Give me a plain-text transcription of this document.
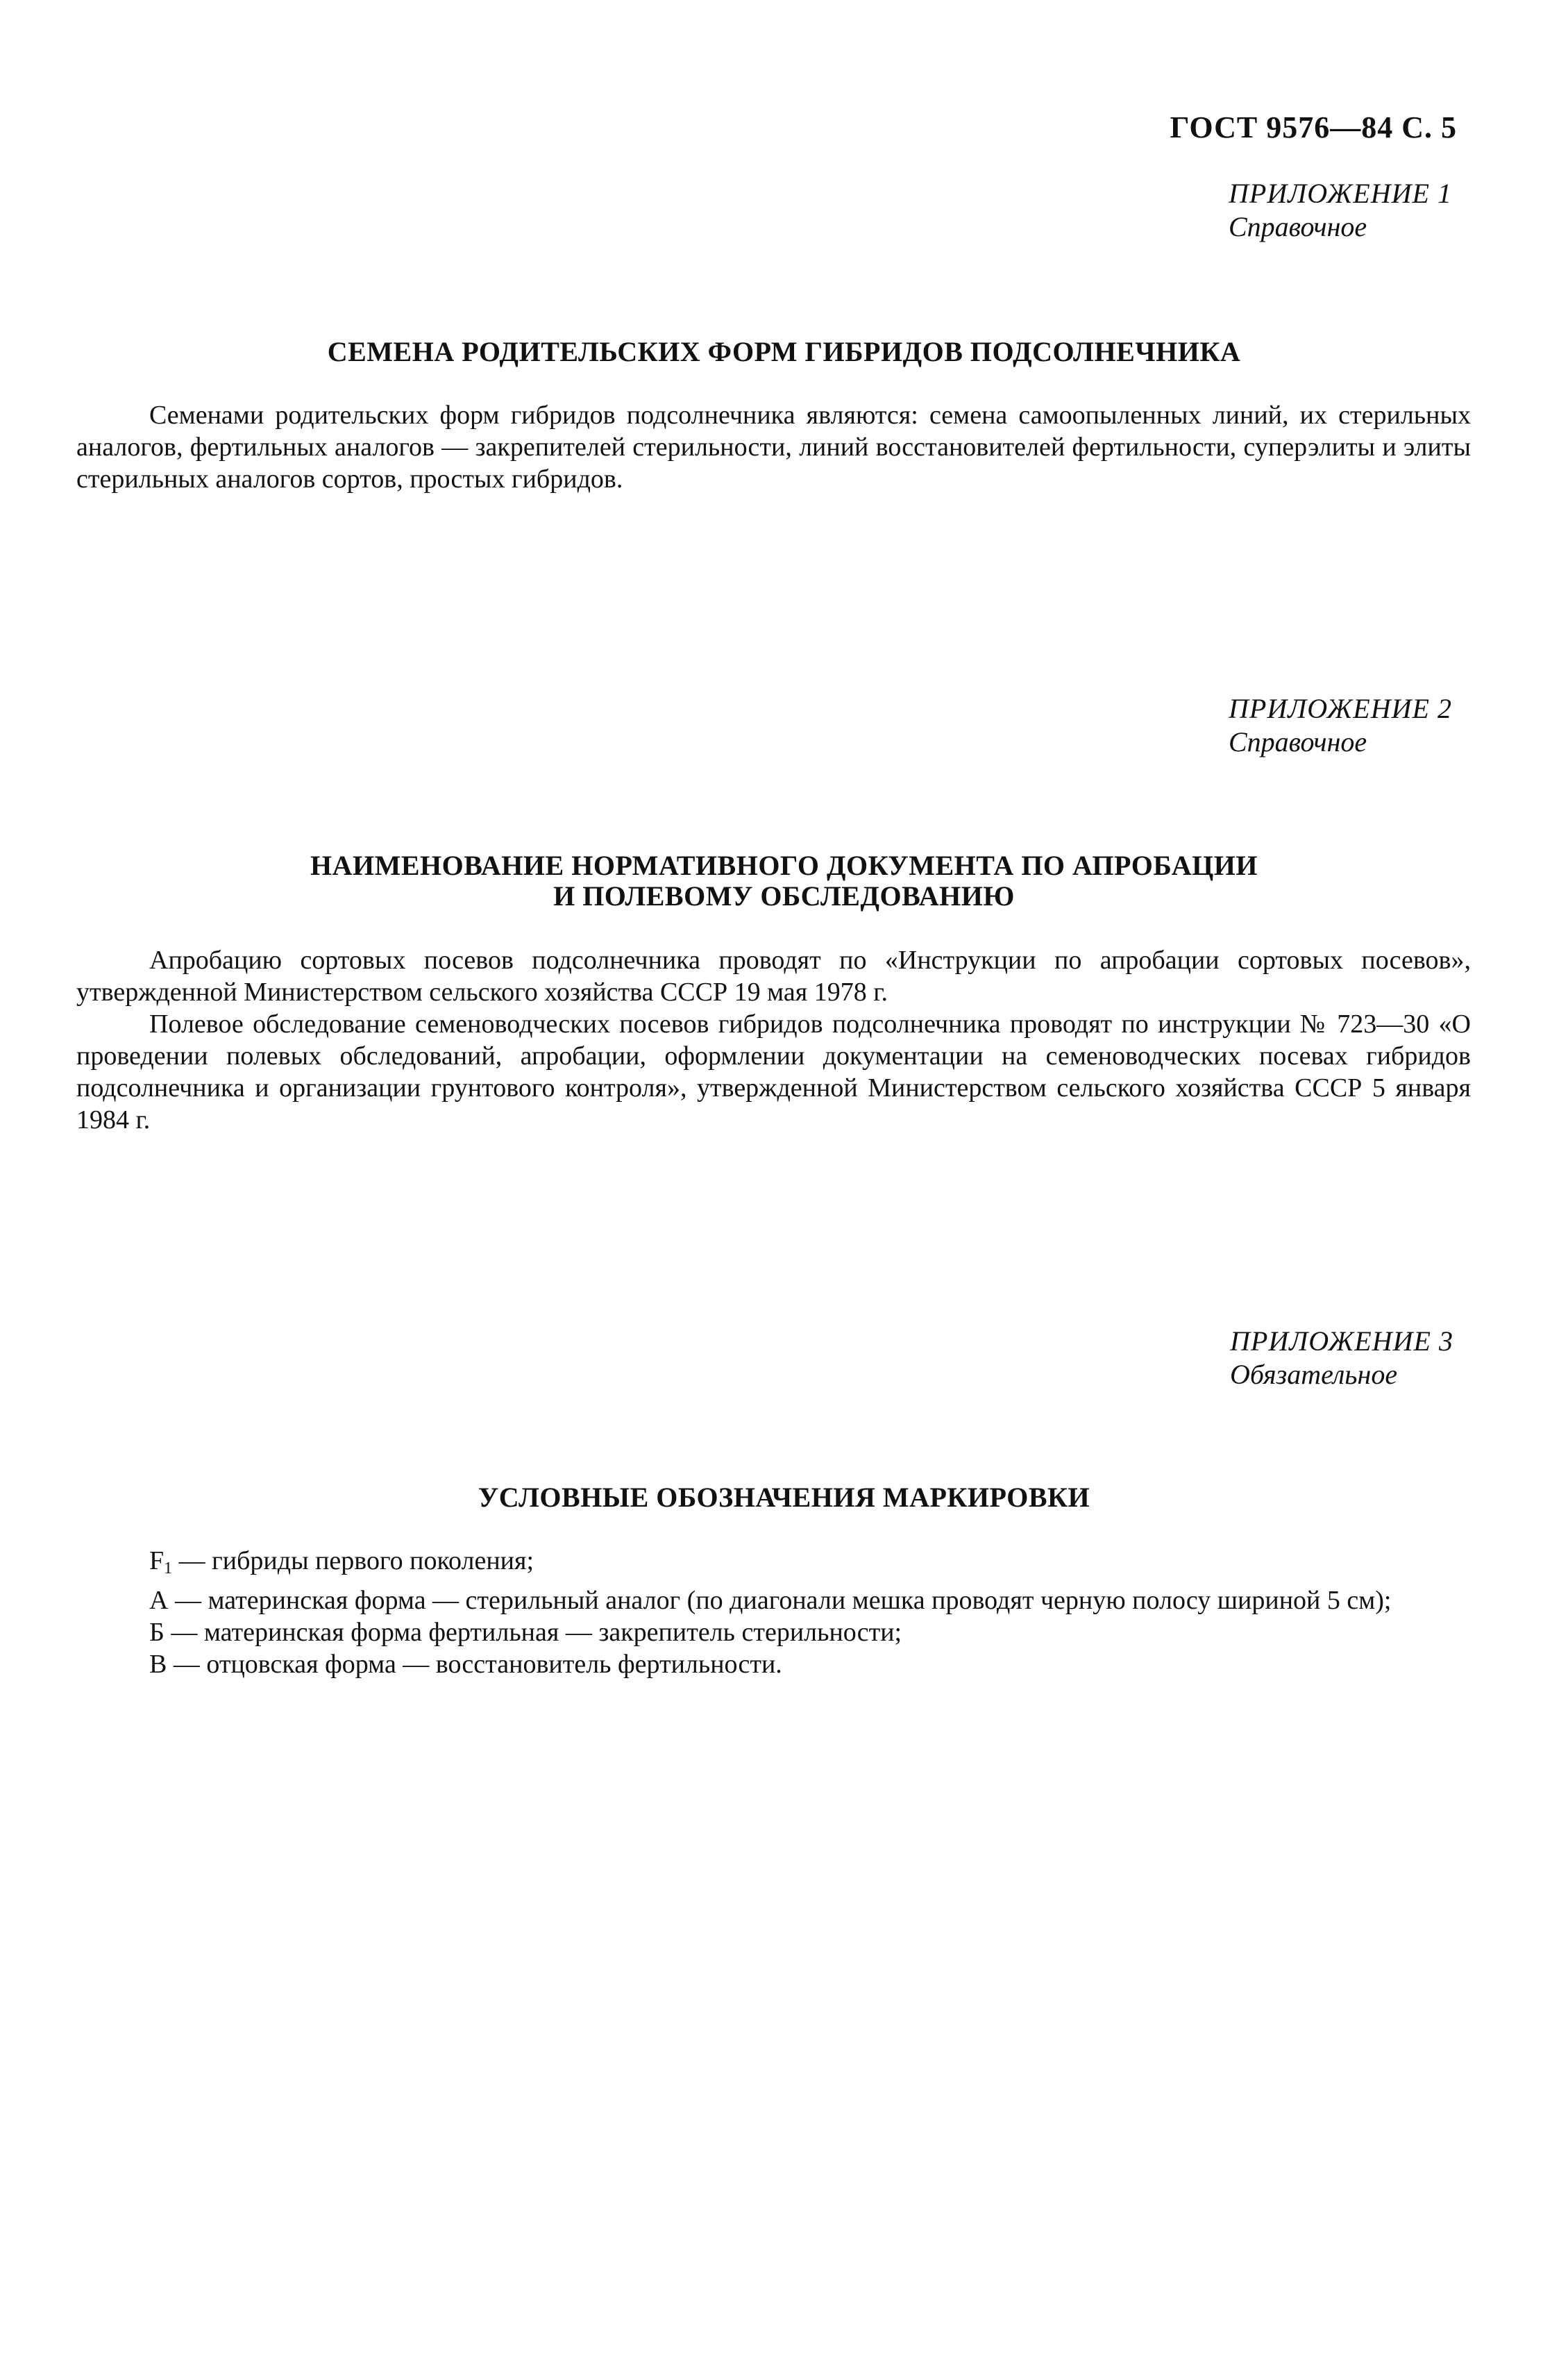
ГОСТ 9576—84 С. 5
ПРИЛОЖЕНИЕ 1
Справочное
СЕМЕНА РОДИТЕЛЬСКИХ ФОРМ ГИБРИДОВ ПОДСОЛНЕЧНИКА

Семенами родительских форм гибридов подсолнечника являются: семена самоопыленных линий, их стерильных аналогов, фертильных аналогов — закрепителей стерильности, линий восстановителей фертильности, суперэлиты и элиты стерильных аналогов сортов, простых гибридов.

ПРИЛОЖЕНИЕ 2
Справочное
НАИМЕНОВАНИЕ НОРМАТИВНОГО ДОКУМЕНТА ПО АПРОБАЦИИ
И ПОЛЕВОМУ ОБСЛЕДОВАНИЮ

Апробацию сортовых посевов подсолнечника проводят по «Инструкции по апробации сортовых посевов», утвержденной Министерством сельского хозяйства СССР 19 мая 1978 г.

Полевое обследование семеноводческих посевов гибридов подсолнечника проводят по инструкции № 723—30 «О проведении полевых обследований, апробации, оформлении документации на семеноводческих посевах гибридов подсолнечника и организации грунтового контроля», утвержденной Министерством сельского хозяйства СССР 5 января 1984 г.

ПРИЛОЖЕНИЕ 3
Обязательное
УСЛОВНЫЕ ОБОЗНАЧЕНИЯ МАРКИРОВКИ

$F_1$ — гибриды первого поколения;

А — материнская форма — стерильный аналог (по диагонали мешка проводят черную полосу шириной 5 см);

Б — материнская форма фертильная — закрепитель стерильности;

В — отцовская форма — восстановитель фертильности.
